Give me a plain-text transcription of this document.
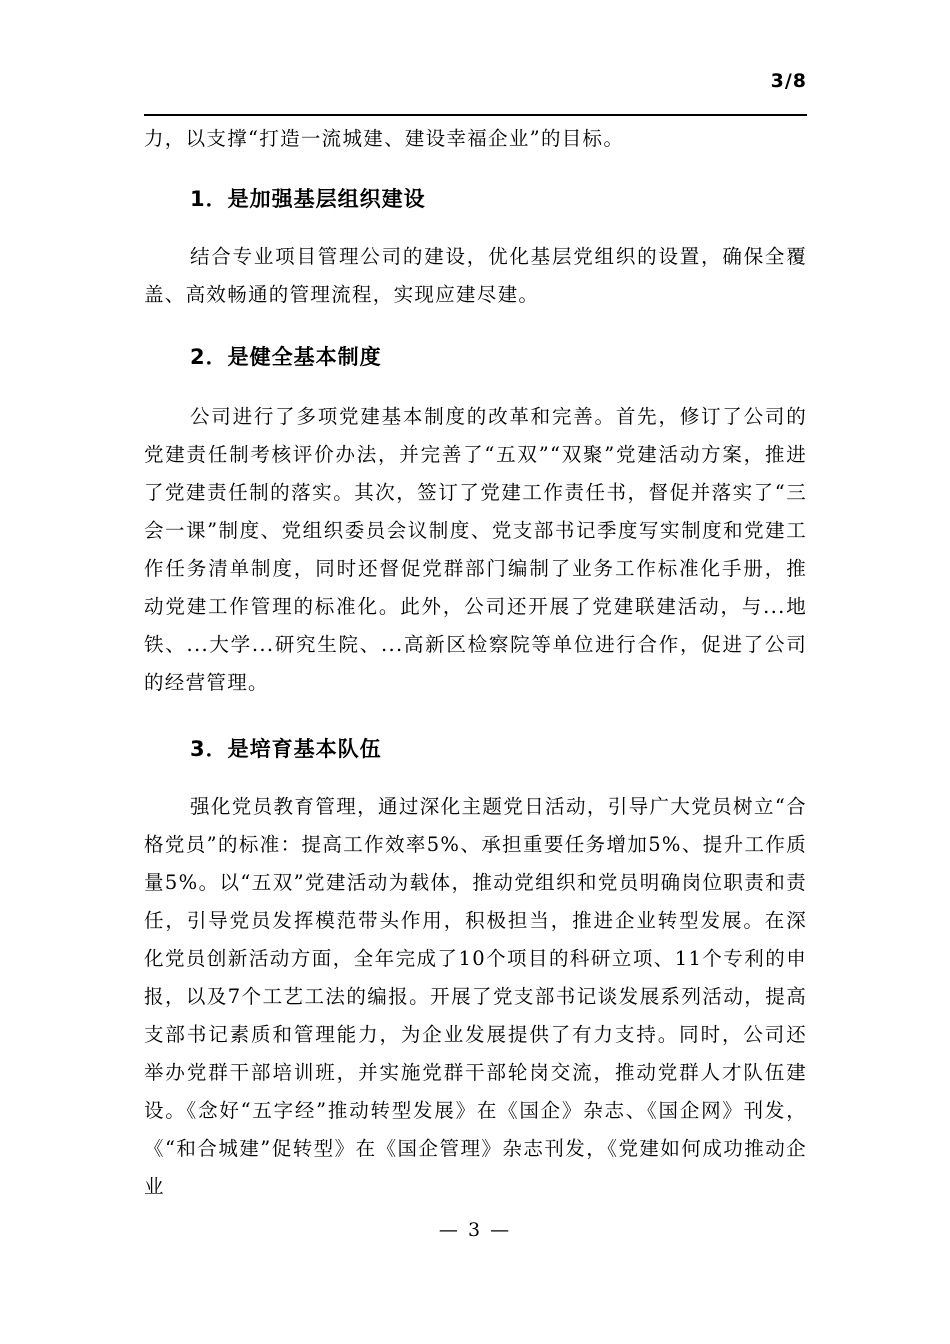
3/8

力，以支撑“打造一流城建、建设幸福企业”的目标。

1．是加强基层组织建设

结合专业项目管理公司的建设，优化基层党组织的设置，确保全覆盖、高效畅通的管理流程，实现应建尽建。

2．是健全基本制度

公司进行了多项党建基本制度的改革和完善。首先，修订了公司的党建责任制考核评价办法，并完善了“五双”“双聚”党建活动方案，推进了党建责任制的落实。其次，签订了党建工作责任书，督促并落实了“三会一课”制度、党组织委员会议制度、党支部书记季度写实制度和党建工作任务清单制度，同时还督促党群部门编制了业务工作标准化手册，推动党建工作管理的标准化。此外，公司还开展了党建联建活动，与...地铁、...大学...研究生院、...高新区检察院等单位进行合作，促进了公司的经营管理。

3．是培育基本队伍

强化党员教育管理，通过深化主题党日活动，引导广大党员树立“合格党员”的标准：提高工作效率5%、承担重要任务增加5%、提升工作质量5%。以“五双”党建活动为载体，推动党组织和党员明确岗位职责和责任，引导党员发挥模范带头作用，积极担当，推进企业转型发展。在深化党员创新活动方面，全年完成了10个项目的科研立项、11个专利的申报，以及7个工艺工法的编报。开展了党支部书记谈发展系列活动，提高支部书记素质和管理能力，为企业发展提供了有力支持。同时，公司还举办党群干部培训班，并实施党群干部轮岗交流，推动党群人才队伍建设。《念好“五字经”推动转型发展》在《国企》杂志、《国企网》刊发，《“和合城建”促转型》在《国企管理》杂志刊发，《党建如何成功推动企业

— 3 —
